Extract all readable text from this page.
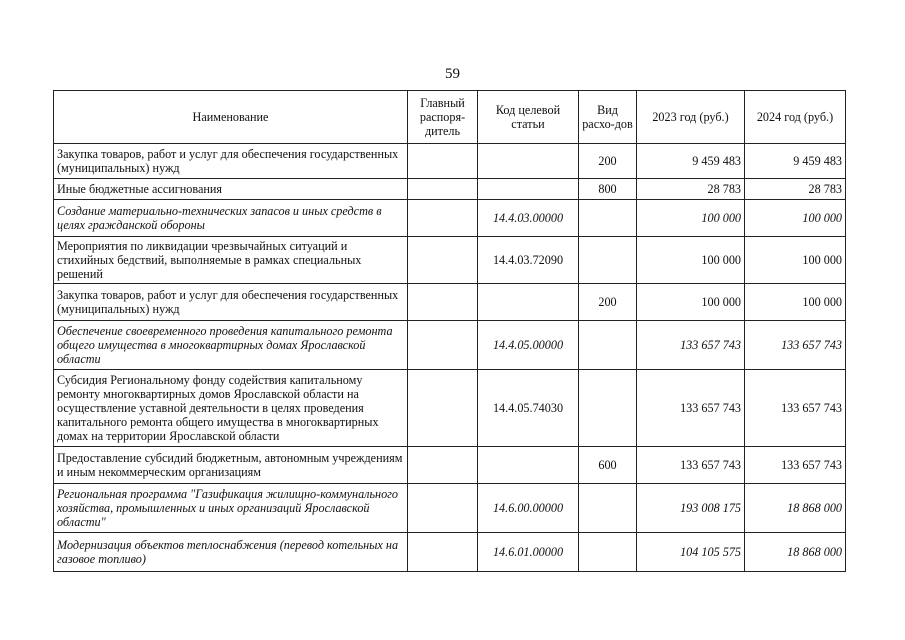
59
Наименование	Главный распоря-дитель	Код целевой статьи	Вид расхо-дов	2023 год (руб.)	2024 год (руб.)
Закупка товаров, работ и услуг для обеспечения государственных (муниципальных) нужд			200	9 459 483	9 459 483
Иные бюджетные ассигнования			800	28 783	28 783
Создание материально-технических запасов и иных средств в целях гражданской обороны		14.4.03.00000		100 000	100 000
Мероприятия по ликвидации чрезвычайных ситуаций и стихийных бедствий, выполняемые в рамках специальных решений		14.4.03.72090		100 000	100 000
Закупка товаров, работ и услуг для обеспечения государственных (муниципальных) нужд			200	100 000	100 000
Обеспечение своевременного проведения капитального ремонта общего имущества в многоквартирных домах Ярославской области		14.4.05.00000		133 657 743	133 657 743
Субсидия Региональному фонду содействия капитальному ремонту многоквартирных домов Ярославской области на осуществление уставной деятельности в целях проведения капитального ремонта общего имущества в многоквартирных домах на территории Ярославской области		14.4.05.74030		133 657 743	133 657 743
Предоставление субсидий бюджетным, автономным учреждениям и иным некоммерческим организациям			600	133 657 743	133 657 743
Региональная программа "Газификация жилищно-коммунального хозяйства, промышленных и иных организаций Ярославской области"		14.6.00.00000		193 008 175	18 868 000
Модернизация объектов теплоснабжения (перевод котельных на газовое топливо)		14.6.01.00000		104 105 575	18 868 000
